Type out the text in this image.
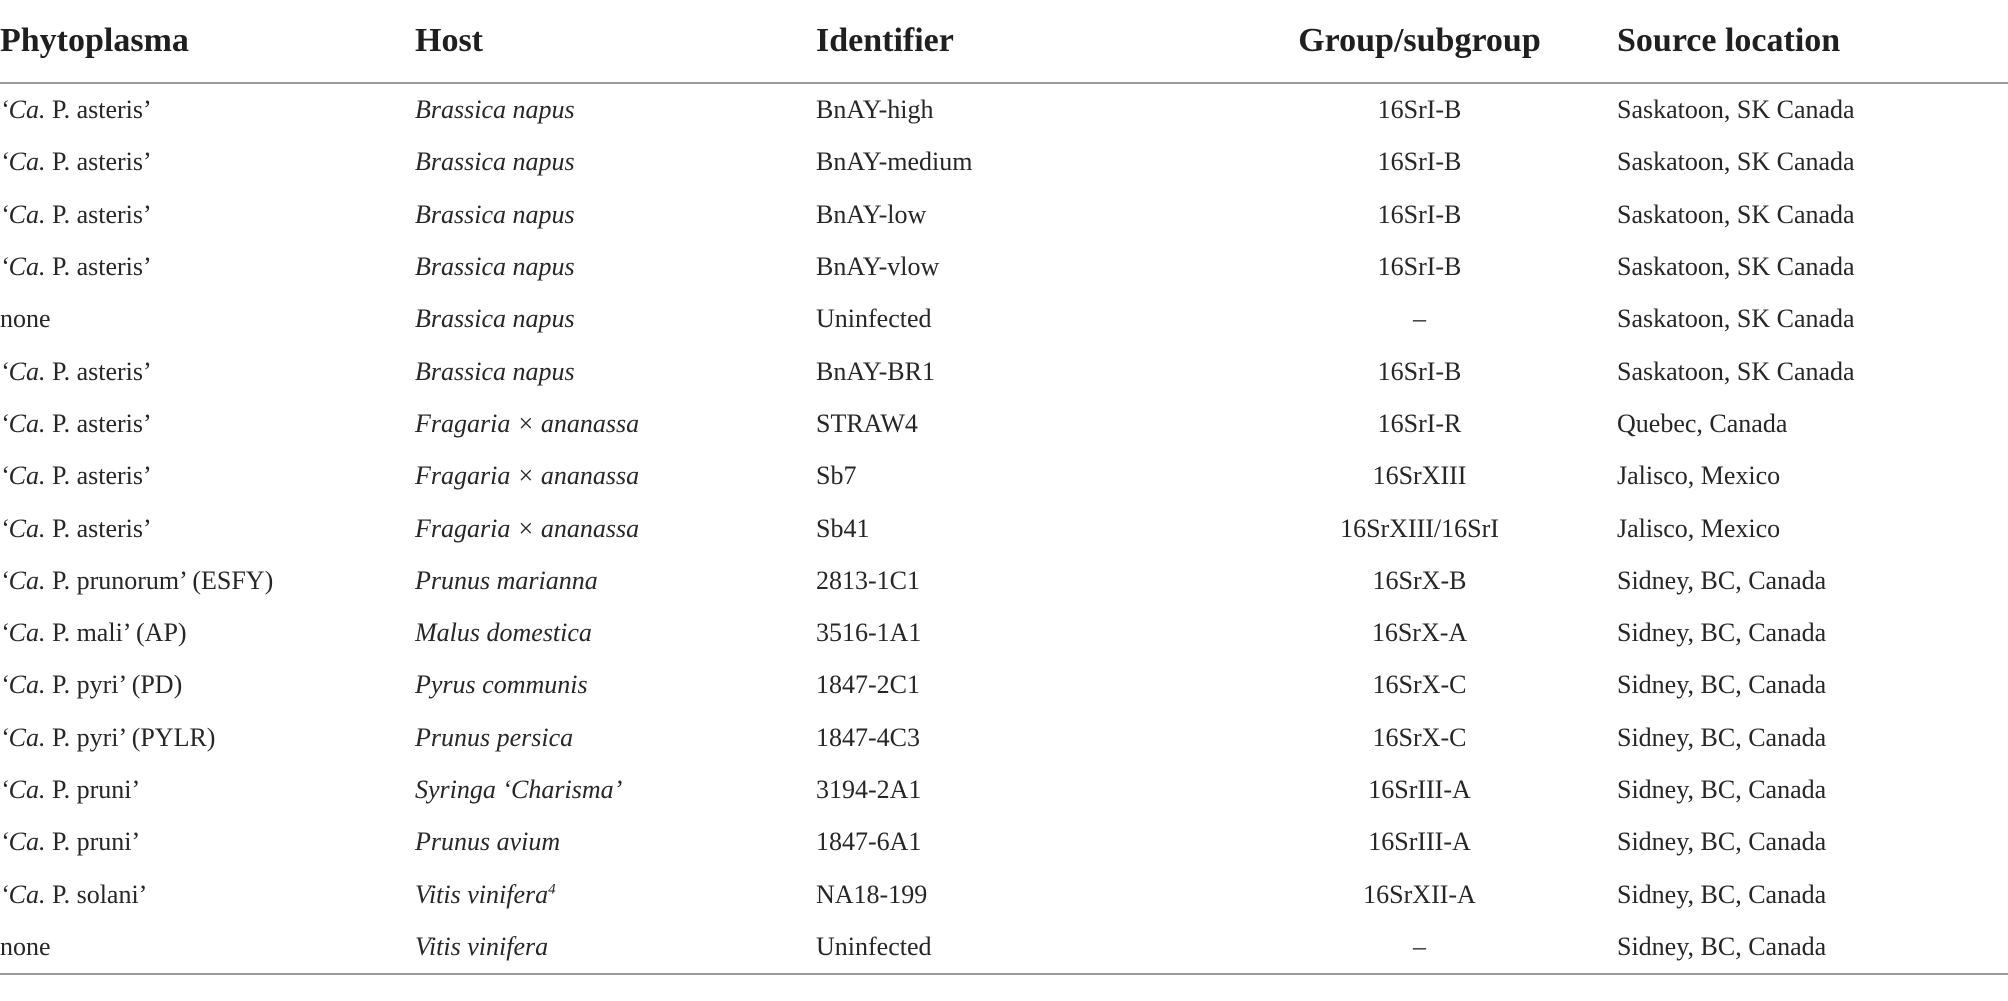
Phytoplasma	Host	Identifier	Group/subgroup	Source location
‘Ca. P. asteris’	Brassica napus	BnAY-high	16SrI-B	Saskatoon, SK Canada
‘Ca. P. asteris’	Brassica napus	BnAY-medium	16SrI-B	Saskatoon, SK Canada
‘Ca. P. asteris’	Brassica napus	BnAY-low	16SrI-B	Saskatoon, SK Canada
‘Ca. P. asteris’	Brassica napus	BnAY-vlow	16SrI-B	Saskatoon, SK Canada
none	Brassica napus	Uninfected	–	Saskatoon, SK Canada
‘Ca. P. asteris’	Brassica napus	BnAY-BR1	16SrI-B	Saskatoon, SK Canada
‘Ca. P. asteris’	Fragaria × ananassa	STRAW4	16SrI-R	Quebec, Canada
‘Ca. P. asteris’	Fragaria × ananassa	Sb7	16SrXIII	Jalisco, Mexico
‘Ca. P. asteris’	Fragaria × ananassa	Sb41	16SrXIII/16SrI	Jalisco, Mexico
‘Ca. P. prunorum’ (ESFY)	Prunus marianna	2813-1C1	16SrX-B	Sidney, BC, Canada
‘Ca. P. mali’ (AP)	Malus domestica	3516-1A1	16SrX-A	Sidney, BC, Canada
‘Ca. P. pyri’ (PD)	Pyrus communis	1847-2C1	16SrX-C	Sidney, BC, Canada
‘Ca. P. pyri’ (PYLR)	Prunus persica	1847-4C3	16SrX-C	Sidney, BC, Canada
‘Ca. P. pruni’	Syringa ‘Charisma’	3194-2A1	16SrIII-A	Sidney, BC, Canada
‘Ca. P. pruni’	Prunus avium	1847-6A1	16SrIII-A	Sidney, BC, Canada
‘Ca. P. solani’	Vitis vinifera$^4$	NA18-199	16SrXII-A	Sidney, BC, Canada
none	Vitis vinifera	Uninfected	–	Sidney, BC, Canada
